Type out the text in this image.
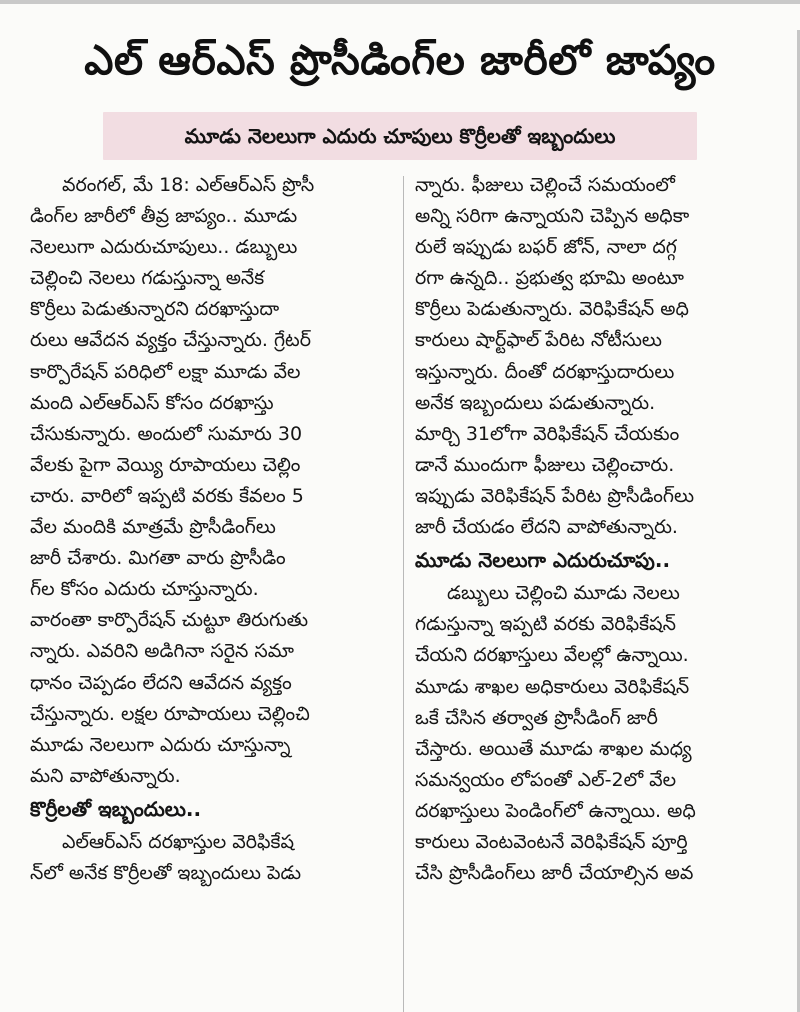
ఎల్ ఆర్ఎస్ ప్రొసీడింగ్‌ల జారీలో జాప్యం
మూడు నెలలుగా ఎదురు చూపులు కొర్రీలతో ఇబ్బందులు
వరంగల్, మే 18: ఎల్ఆర్ఎస్ ప్రొసీ
డింగ్‌ల జారీలో తీవ్ర జాప్యం.. మూడు
నెలలుగా ఎదురుచూపులు.. డబ్బులు
చెల్లించి నెలలు గడుస్తున్నా అనేక
కొర్రీలు పెడుతున్నారని దరఖాస్తుదా
రులు ఆవేదన వ్యక్తం చేస్తున్నారు. గ్రేటర్
కార్పొరేషన్ పరిధిలో లక్షా మూడు వేల
మంది ఎల్ఆర్ఎస్ కోసం దరఖాస్తు
చేసుకున్నారు. అందులో సుమారు 30
వేలకు పైగా వెయ్యి రూపాయలు చెల్లిం
చారు. వారిలో ఇప్పటి వరకు కేవలం 5
వేల మందికి మాత్రమే ప్రొసీడింగ్‌లు
జారీ చేశారు. మిగతా వారు ప్రొసీడిం
గ్‌ల కోసం ఎదురు చూస్తున్నారు.
వారంతా కార్పొరేషన్ చుట్టూ తిరుగుతు
న్నారు. ఎవరిని అడిగినా సరైన సమా
ధానం చెప్పడం లేదని ఆవేదన వ్యక్తం
చేస్తున్నారు. లక్షల రూపాయలు చెల్లించి
మూడు నెలలుగా ఎదురు చూస్తున్నా
మని వాపోతున్నారు.
కొర్రీలతో ఇబ్బందులు..
ఎల్ఆర్ఎస్ దరఖాస్తుల వెరిఫికేష
న్‌లో అనేక కొర్రీలతో ఇబ్బందులు పెడు
న్నారు. ఫీజులు చెల్లించే సమయంలో
అన్ని సరిగా ఉన్నాయని చెప్పిన అధికా
రులే ఇప్పుడు బఫర్ జోన్, నాలా దగ్గ
రగా ఉన్నది.. ప్రభుత్వ భూమి అంటూ
కొర్రీలు పెడుతున్నారు. వెరిఫికేషన్ అధి
కారులు షార్ట్‌ఫాల్ పేరిట నోటీసులు
ఇస్తున్నారు. దీంతో దరఖాస్తుదారులు
అనేక ఇబ్బందులు పడుతున్నారు.
మార్చి 31లోగా వెరిఫికేషన్ చేయకుం
డానే ముందుగా ఫీజులు చెల్లించారు.
ఇప్పుడు వెరిఫికేషన్ పేరిట ప్రొసీడింగ్‌లు
జారీ చేయడం లేదని వాపోతున్నారు.
మూడు నెలలుగా ఎదురుచూపు..
డబ్బులు చెల్లించి మూడు నెలలు
గడుస్తున్నా ఇప్పటి వరకు వెరిఫికేషన్
చేయని దరఖాస్తులు వేలల్లో ఉన్నాయి.
మూడు శాఖల అధికారులు వెరిఫికేషన్
ఒకే చేసిన తర్వాత ప్రొసీడింగ్ జారీ
చేస్తారు. అయితే మూడు శాఖల మధ్య
సమన్వయం లోపంతో ఎల్-2లో వేల
దరఖాస్తులు పెండింగ్‌లో ఉన్నాయి. అధి
కారులు వెంటవెంటనే వెరిఫికేషన్ పూర్తి
చేసి ప్రొసీడింగ్‌లు జారీ చేయాల్సిన అవ
